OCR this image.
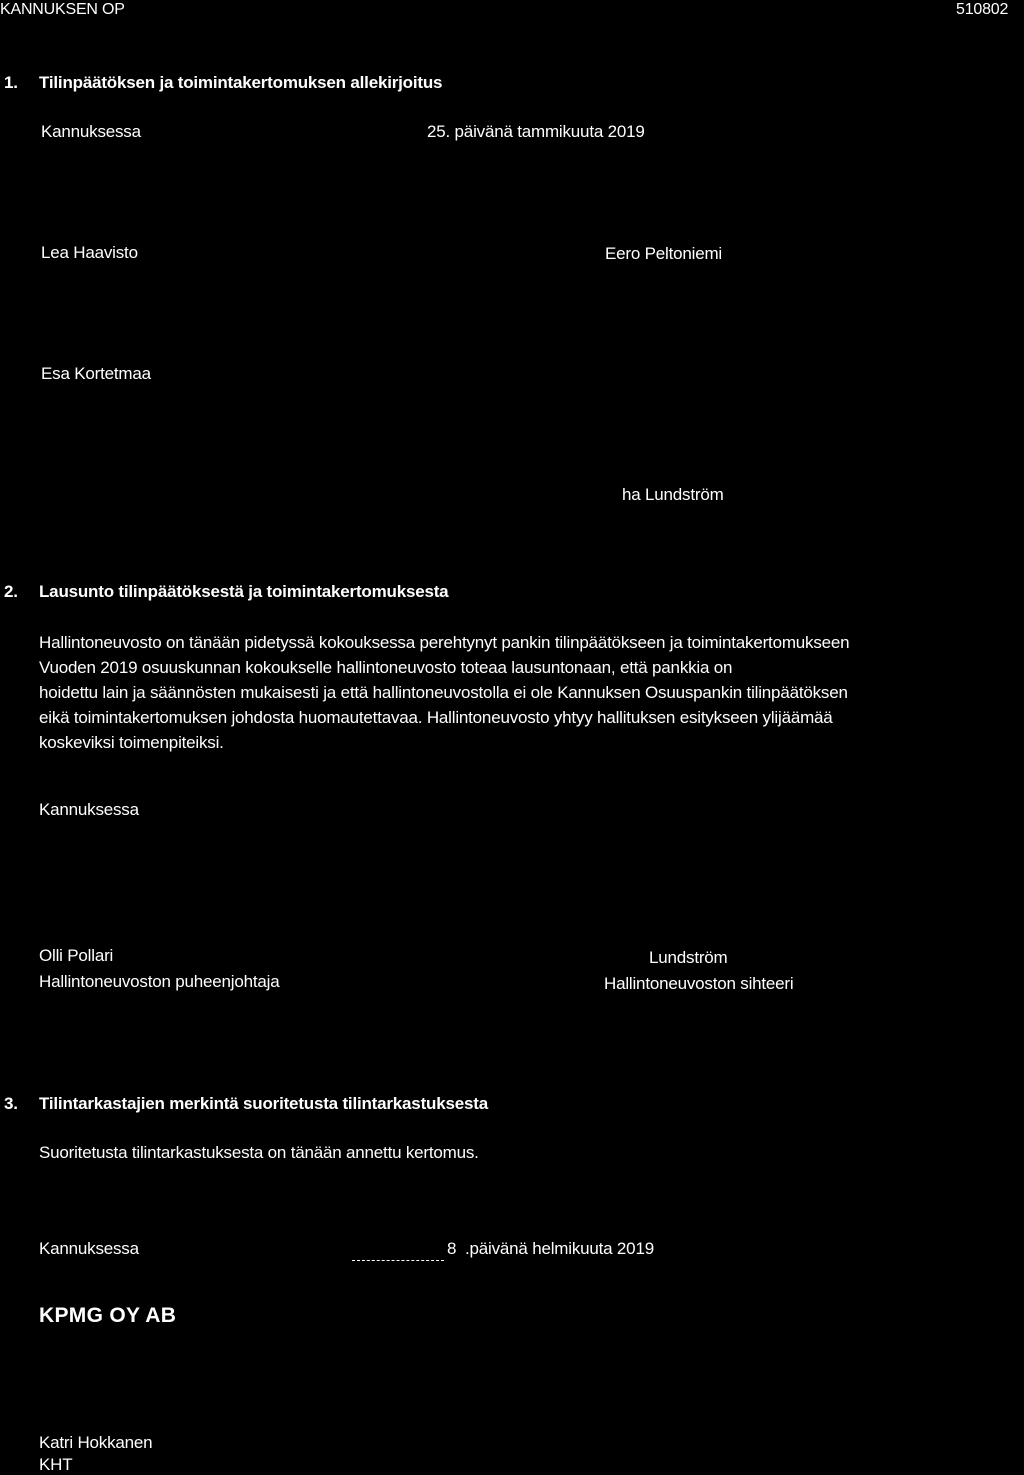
KANNUKSEN OP	510802
1. Tilinpäätöksen ja toimintakertomuksen allekirjoitus
Kannuksessa	25. päivänä tammikuuta 2019
Lea Haavisto	Eero Peltoniemi
Esa Kortetmaa
ha Lundström
2. Lausunto tilinpäätöksestä ja toimintakertomuksesta
Hallintoneuvosto on tänään pidetyssä kokouksessa perehtynyt pankin tilinpäätökseen ja toimintakertomukseen
Vuoden 2019 osuuskunnan kokoukselle hallintoneuvosto toteaa lausuntonaan, että pankkia on
hoidettu lain ja säännösten mukaisesti ja että hallintoneuvostolla ei ole Kannuksen Osuuspankin tilinpäätöksen
eikä toimintakertomuksen johdosta huomautettavaa. Hallintoneuvosto yhtyy hallituksen esitykseen ylijäämää
koskeviksi toimenpiteiksi.
Kannuksessa
Olli Pollari
Hallintoneuvoston puheenjohtaja
Lundström
Hallintoneuvoston sihteeri
3. Tilintarkastajien merkintä suoritetusta tilintarkastuksesta
Suoritetusta tilintarkastuksesta on tänään annettu kertomus.
Kannuksessa	8 .päivänä helmikuuta 2019
KPMG OY AB
Katri Hokkanen
KHT
